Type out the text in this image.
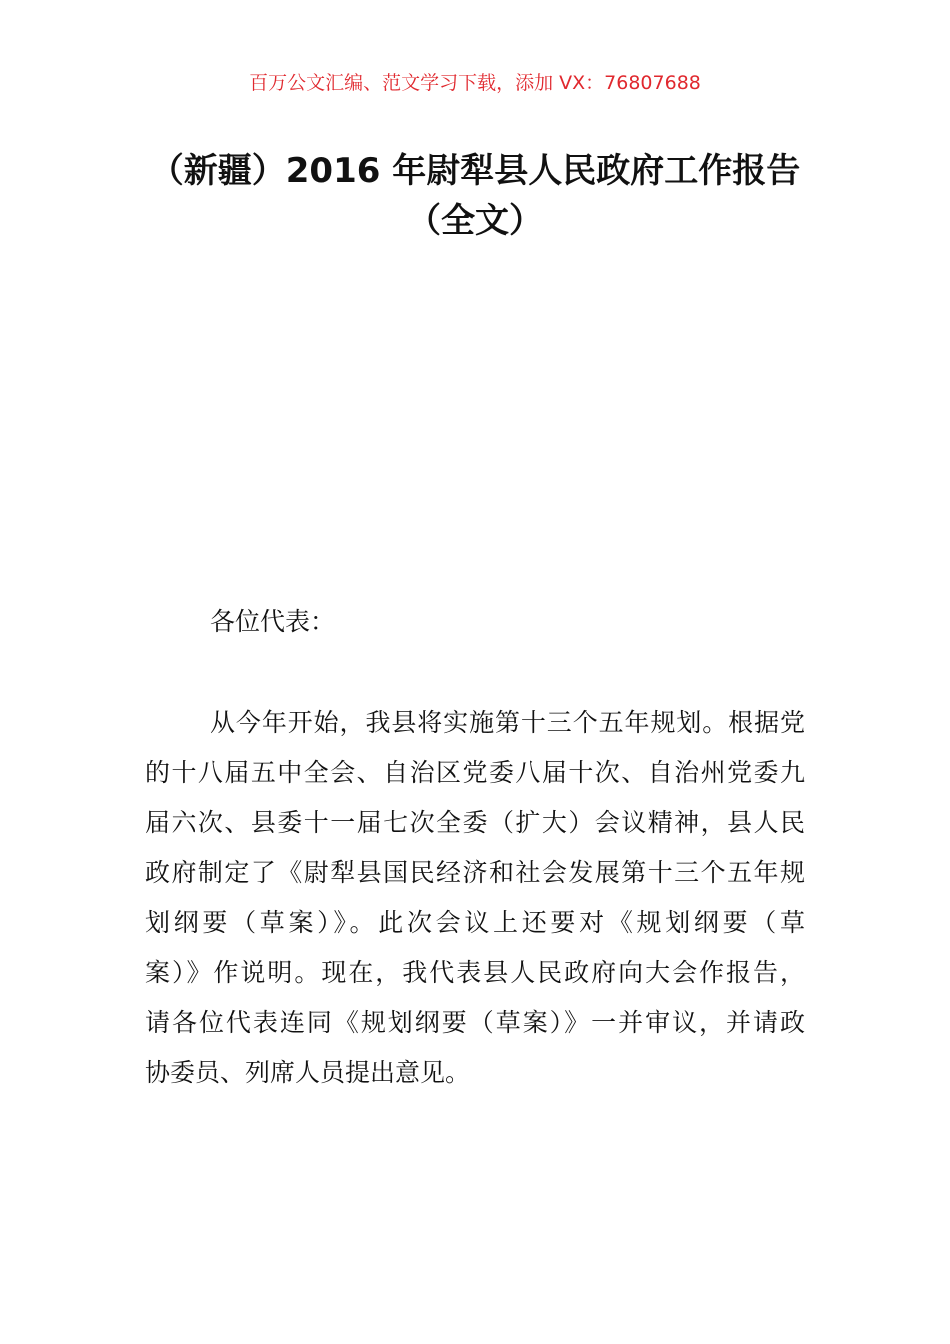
百万公文汇编、范文学习下载，添加 VX：76807688
（新疆）2016 年尉犁县人民政府工作报告
（全文）
各位代表：
从今年开始，我县将实施第十三个五年规划。根据党
的十八届五中全会、自治区党委八届十次、自治州党委九
届六次、县委十一届七次全委（扩大）会议精神，县人民
政府制定了《尉犁县国民经济和社会发展第十三个五年规
划纲要（草案）》。此次会议上还要对《规划纲要（草
案）》作说明。现在，我代表县人民政府向大会作报告，
请各位代表连同《规划纲要（草案）》一并审议，并请政
协委员、列席人员提出意见。
